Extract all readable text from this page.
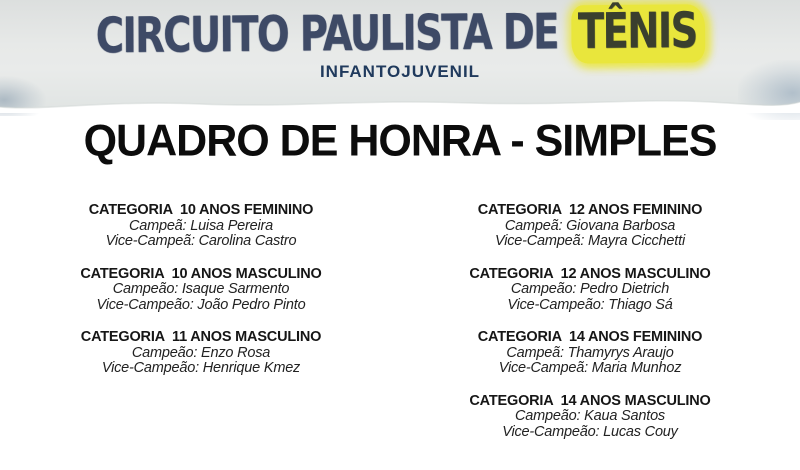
CIRCUITO PAULISTA DE TÊNIS
INFANTOJUVENIL
QUADRO DE HONRA - SIMPLES
CATEGORIA  10 ANOS FEMININO
Campeã: Luisa Pereira
Vice-Campeã: Carolina Castro
CATEGORIA  10 ANOS MASCULINO
Campeão: Isaque Sarmento
Vice-Campeão: João Pedro Pinto
CATEGORIA  11 ANOS MASCULINO
Campeão: Enzo Rosa
Vice-Campeão: Henrique Kmez
CATEGORIA  12 ANOS FEMININO
Campeã: Giovana Barbosa
Vice-Campeã: Mayra Cicchetti
CATEGORIA  12 ANOS MASCULINO
Campeão: Pedro Dietrich
Vice-Campeão: Thiago Sá
CATEGORIA  14 ANOS FEMININO
Campeã: Thamyrys Araujo
Vice-Campeã: Maria Munhoz
CATEGORIA  14 ANOS MASCULINO
Campeão: Kaua Santos
Vice-Campeão: Lucas Couy
